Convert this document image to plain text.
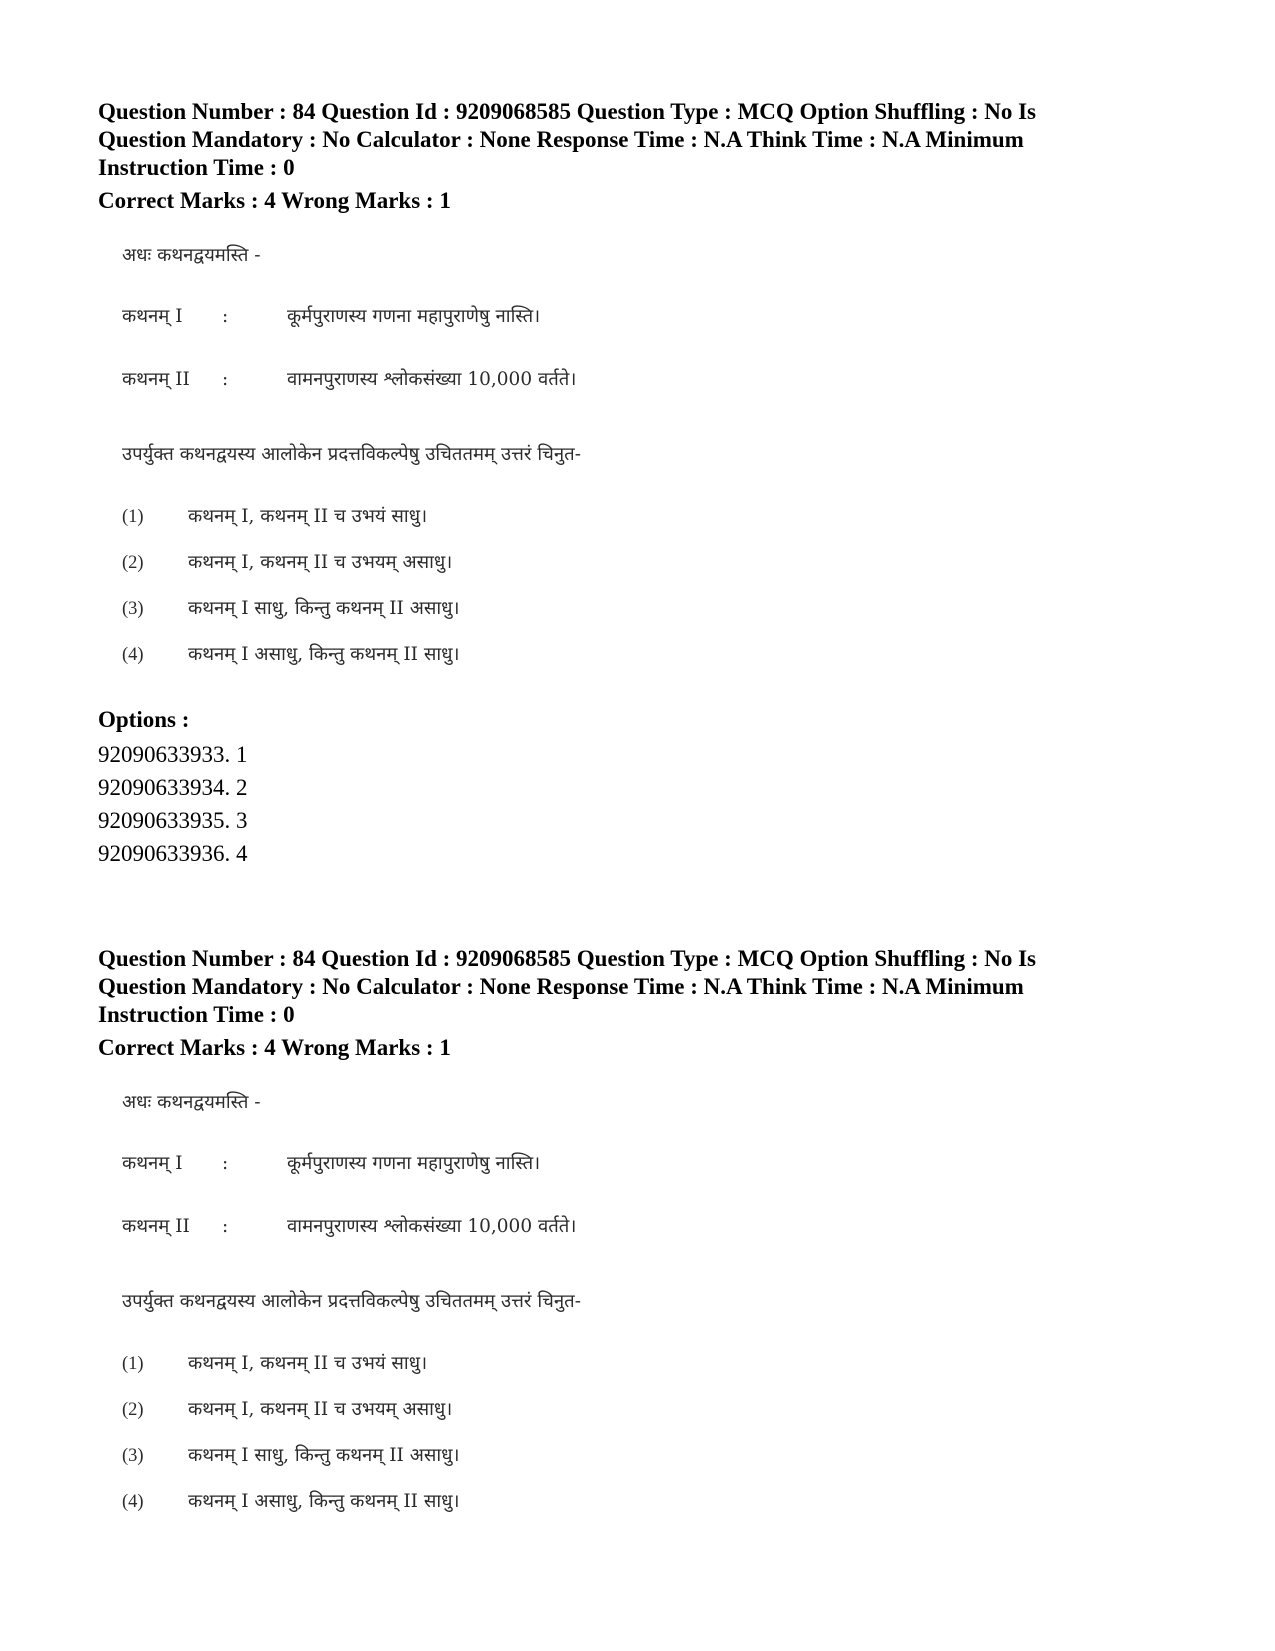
Question Number : 84 Question Id : 9209068585 Question Type : MCQ Option Shuffling : No Is
Question Mandatory : No Calculator : None Response Time : N.A Think Time : N.A Minimum
Instruction Time : 0

Correct Marks : 4 Wrong Marks : 1

अधः कथनद्वयमस्ति -

कथनम् I	:	कूर्मपुराणस्य गणना महापुराणेषु नास्ति।
कथनम् II	:	वामनपुराणस्य श्लोकसंख्या 10,000 वर्तते।

उपर्युक्त कथनद्वयस्य आलोकेन प्रदत्तविकल्पेषु उचिततमम् उत्तरं चिनुत-

(1)	कथनम् I, कथनम् II च उभयं साधु।
(2)	कथनम् I, कथनम् II च उभयम् असाधु।
(3)	कथनम् I साधु, किन्तु कथनम् II असाधु।
(4)	कथनम् I असाधु, किन्तु कथनम् II साधु।

Options :

92090633933. 1
92090633934. 2
92090633935. 3
92090633936. 4

Question Number : 84 Question Id : 9209068585 Question Type : MCQ Option Shuffling : No Is
Question Mandatory : No Calculator : None Response Time : N.A Think Time : N.A Minimum
Instruction Time : 0

Correct Marks : 4 Wrong Marks : 1

अधः कथनद्वयमस्ति -

कथनम् I	:	कूर्मपुराणस्य गणना महापुराणेषु नास्ति।
कथनम् II	:	वामनपुराणस्य श्लोकसंख्या 10,000 वर्तते।

उपर्युक्त कथनद्वयस्य आलोकेन प्रदत्तविकल्पेषु उचिततमम् उत्तरं चिनुत-

(1)	कथनम् I, कथनम् II च उभयं साधु।
(2)	कथनम् I, कथनम् II च उभयम् असाधु।
(3)	कथनम् I साधु, किन्तु कथनम् II असाधु।
(4)	कथनम् I असाधु, किन्तु कथनम् II साधु।
